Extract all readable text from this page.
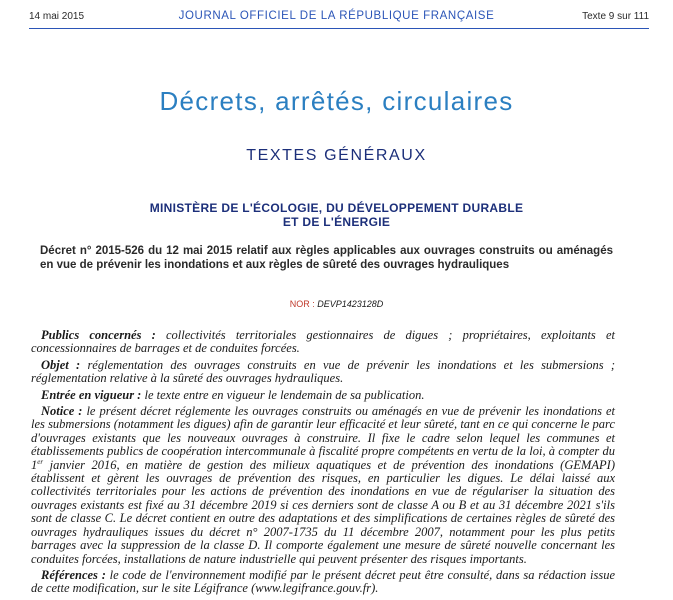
14 mai 2015	JOURNAL OFFICIEL DE LA RÉPUBLIQUE FRANÇAISE	Texte 9 sur 111
Décrets, arrêtés, circulaires
TEXTES GÉNÉRAUX
MINISTÈRE DE L'ÉCOLOGIE, DU DÉVELOPPEMENT DURABLE
ET DE L'ÉNERGIE
Décret n° 2015-526 du 12 mai 2015 relatif aux règles applicables aux ouvrages construits ou aménagés en vue de prévenir les inondations et aux règles de sûreté des ouvrages hydrauliques
NOR : DEVP1423128D

Publics concernés : collectivités territoriales gestionnaires de digues ; propriétaires, exploitants et concessionnaires de barrages et de conduites forcées.

Objet : réglementation des ouvrages construits en vue de prévenir les inondations et les submersions ; réglementation relative à la sûreté des ouvrages hydrauliques.

Entrée en vigueur : le texte entre en vigueur le lendemain de sa publication.

Notice : le présent décret réglemente les ouvrages construits ou aménagés en vue de prévenir les inondations et les submersions (notamment les digues) afin de garantir leur efficacité et leur sûreté, tant en ce qui concerne le parc d'ouvrages existants que les nouveaux ouvrages à construire. Il fixe le cadre selon lequel les communes et établissements publics de coopération intercommunale à fiscalité propre compétents en vertu de la loi, à compter du 1er janvier 2016, en matière de gestion des milieux aquatiques et de prévention des inondations (GEMAPI) établissent et gèrent les ouvrages de prévention des risques, en particulier les digues. Le délai laissé aux collectivités territoriales pour les actions de prévention des inondations en vue de régulariser la situation des ouvrages existants est fixé au 31 décembre 2019 si ces derniers sont de classe A ou B et au 31 décembre 2021 s'ils sont de classe C. Le décret contient en outre des adaptations et des simplifications de certaines règles de sûreté des ouvrages hydrauliques issues du décret n° 2007-1735 du 11 décembre 2007, notamment pour les plus petits barrages avec la suppression de la classe D. Il comporte également une mesure de sûreté nouvelle concernant les conduites forcées, installations de nature industrielle qui peuvent présenter des risques importants.

Références : le code de l'environnement modifié par le présent décret peut être consulté, dans sa rédaction issue de cette modification, sur le site Légifrance (www.legifrance.gouv.fr).
